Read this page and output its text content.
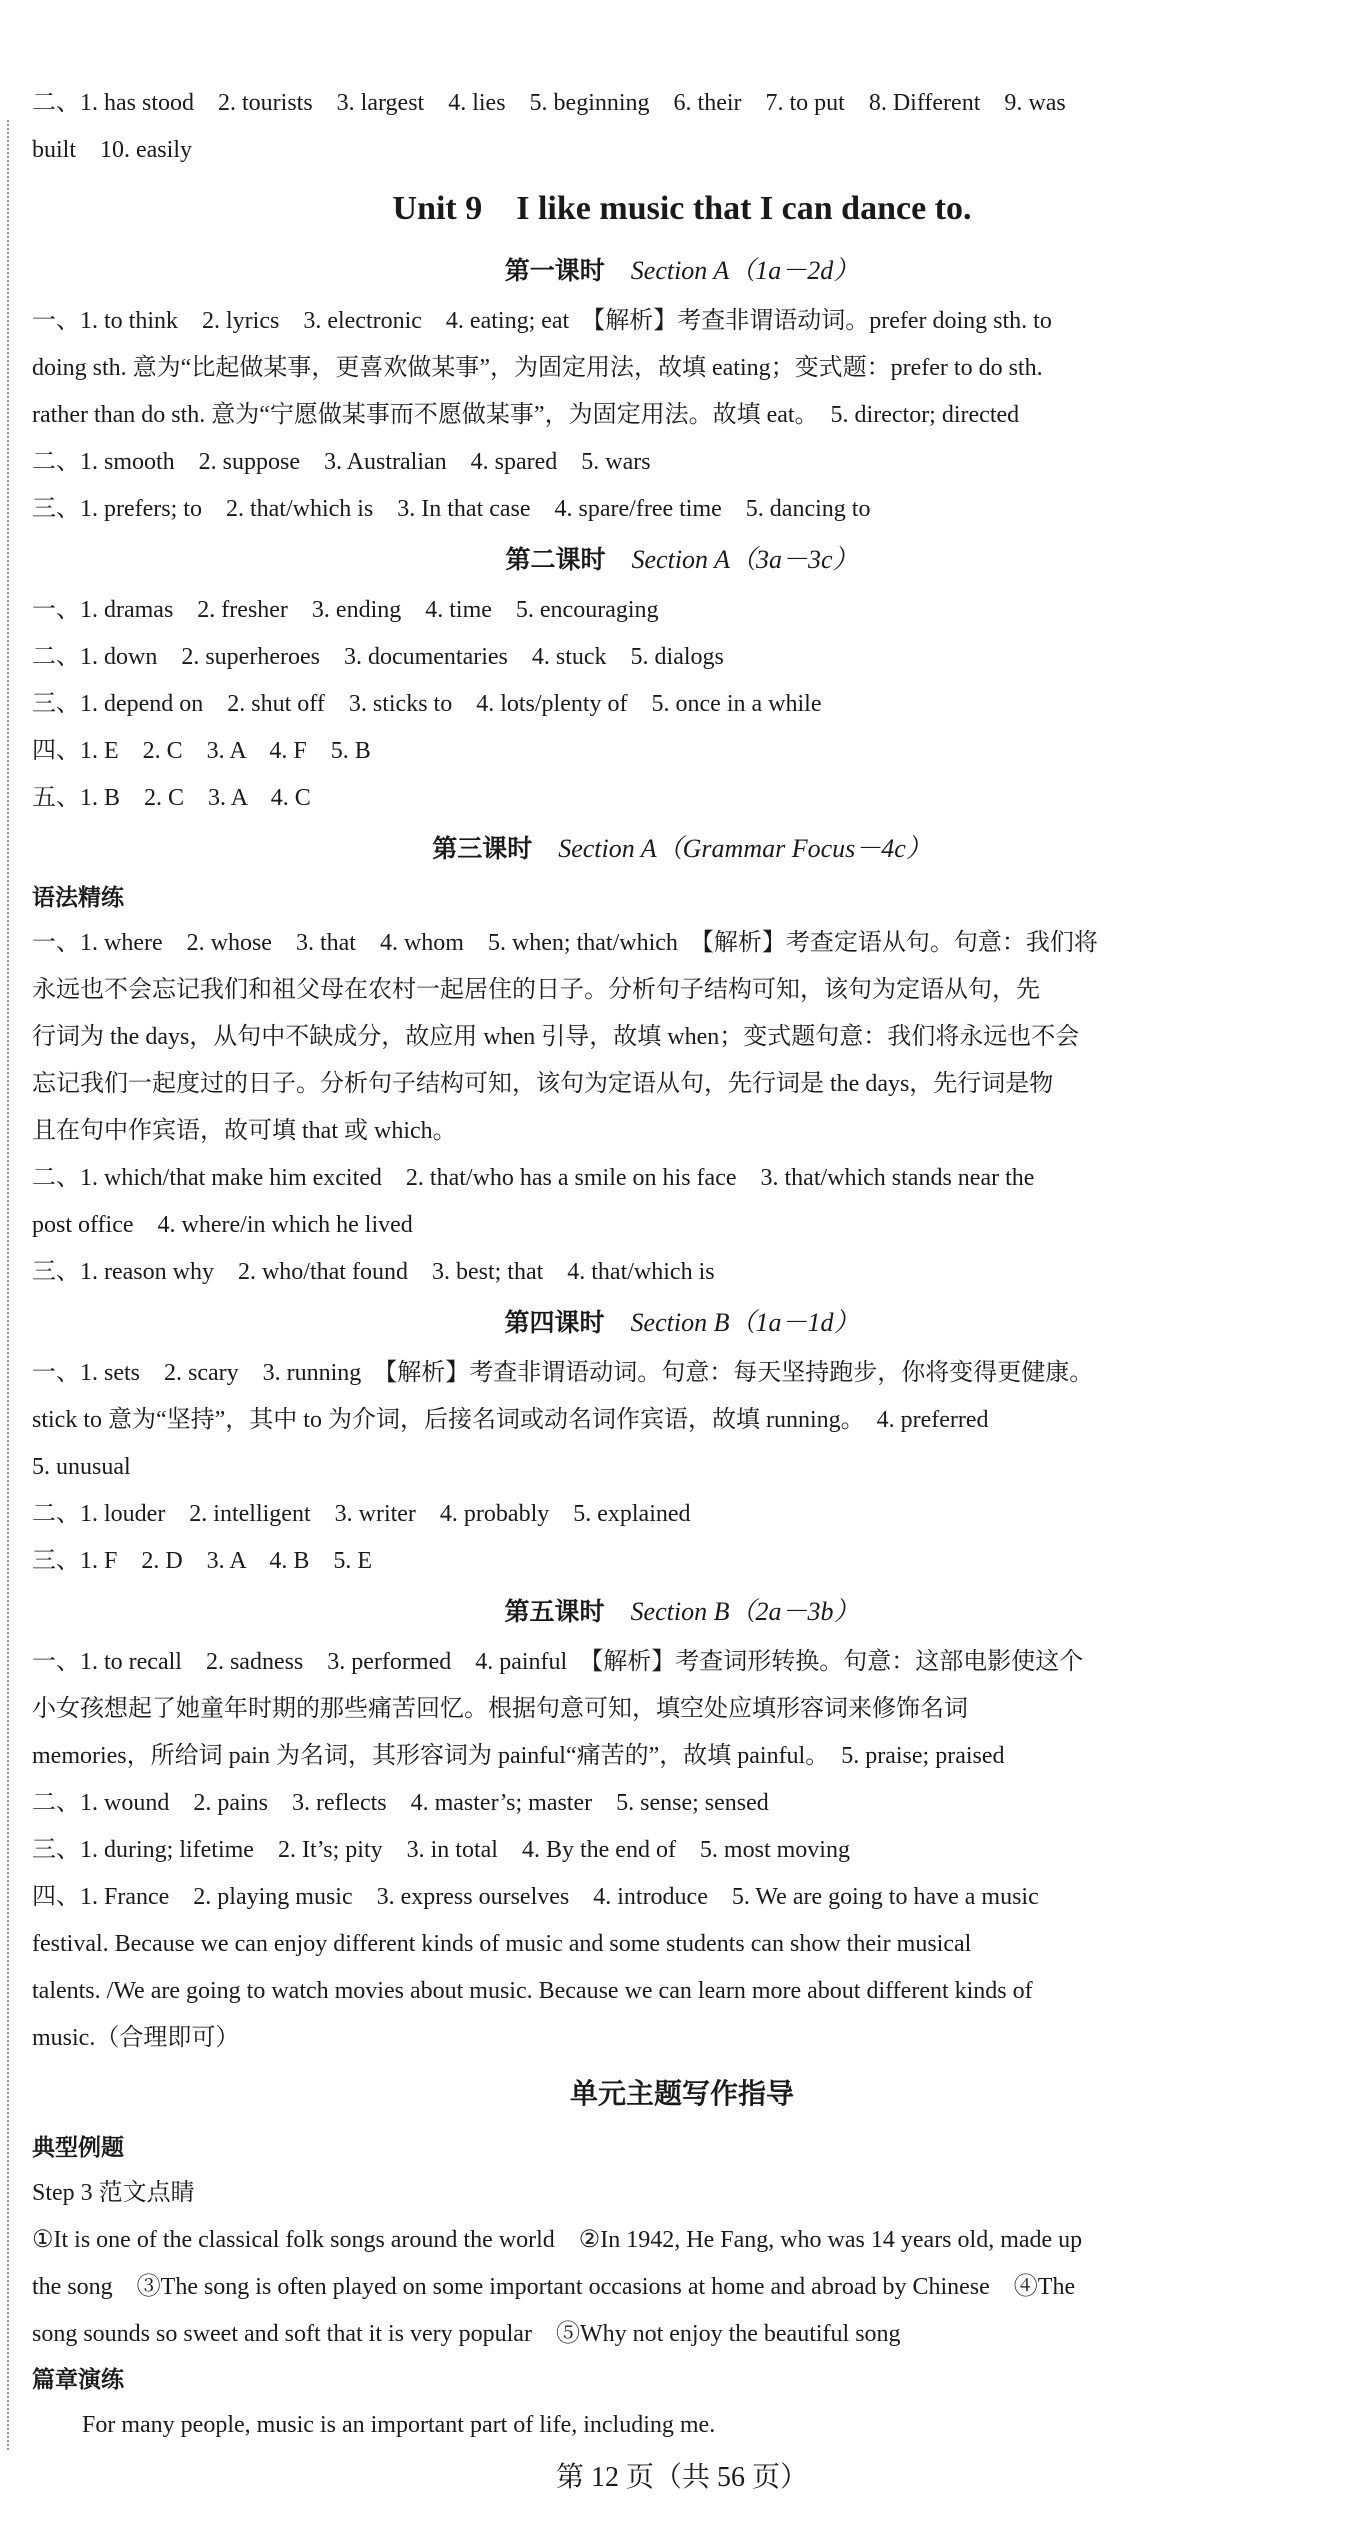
二、1. has stood　2. tourists　3. largest　4. lies　5. beginning　6. their　7. to put　8. Different　9. was
built　10. easily
Unit 9　I like music that I can dance to.
第一课时 Section A（1a－2d）
一、1. to think　2. lyrics　3. electronic　4. eating; eat　【解析】考查非谓语动词。prefer doing sth. to
doing sth. 意为“比起做某事，更喜欢做某事”，为固定用法，故填 eating；变式题：prefer to do sth.
rather than do sth. 意为“宁愿做某事而不愿做某事”，为固定用法。故填 eat。　5. director; directed
二、1. smooth　2. suppose　3. Australian　4. spared　5. wars
三、1. prefers; to　2. that/which is　3. In that case　4. spare/free time　5. dancing to
第二课时 Section A（3a－3c）
一、1. dramas　2. fresher　3. ending　4. time　5. encouraging
二、1. down　2. superheroes　3. documentaries　4. stuck　5. dialogs
三、1. depend on　2. shut off　3. sticks to　4. lots/plenty of　5. once in a while
四、1. E　2. C　3. A　4. F　5. B
五、1. B　2. C　3. A　4. C
第三课时 Section A（Grammar Focus－4c）
语法精练
一、1. where　2. whose　3. that　4. whom　5. when; that/which　【解析】考查定语从句。句意：我们将
永远也不会忘记我们和祖父母在农村一起居住的日子。分析句子结构可知，该句为定语从句，先
行词为 the days，从句中不缺成分，故应用 when 引导，故填 when；变式题句意：我们将永远也不会
忘记我们一起度过的日子。分析句子结构可知，该句为定语从句，先行词是 the days，先行词是物
且在句中作宾语，故可填 that 或 which。
二、1. which/that make him excited　2. that/who has a smile on his face　3. that/which stands near the
post office　4. where/in which he lived
三、1. reason why　2. who/that found　3. best; that　4. that/which is
第四课时 Section B（1a－1d）
一、1. sets　2. scary　3. running　【解析】考查非谓语动词。句意：每天坚持跑步，你将变得更健康。
stick to 意为“坚持”，其中 to 为介词，后接名词或动名词作宾语，故填 running。　4. preferred
5. unusual
二、1. louder　2. intelligent　3. writer　4. probably　5. explained
三、1. F　2. D　3. A　4. B　5. E
第五课时 Section B（2a－3b）
一、1. to recall　2. sadness　3. performed　4. painful　【解析】考查词形转换。句意：这部电影使这个
小女孩想起了她童年时期的那些痛苦回忆。根据句意可知，填空处应填形容词来修饰名词
memories，所给词 pain 为名词，其形容词为 painful“痛苦的”，故填 painful。　5. praise; praised
二、1. wound　2. pains　3. reflects　4. master’s; master　5. sense; sensed
三、1. during; lifetime　2. It’s; pity　3. in total　4. By the end of　5. most moving
四、1. France　2. playing music　3. express ourselves　4. introduce　5. We are going to have a music
festival. Because we can enjoy different kinds of music and some students can show their musical
talents. /We are going to watch movies about music. Because we can learn more about different kinds of
music.（合理即可）
单元主题写作指导
典型例题
Step 3 范文点睛
①It is one of the classical folk songs around the world　②In 1942, He Fang, who was 14 years old, made up
the song　③The song is often played on some important occasions at home and abroad by Chinese　④The
song sounds so sweet and soft that it is very popular　⑤Why not enjoy the beautiful song
篇章演练
For many people, music is an important part of life, including me.
第 12 页（共 56 页）
